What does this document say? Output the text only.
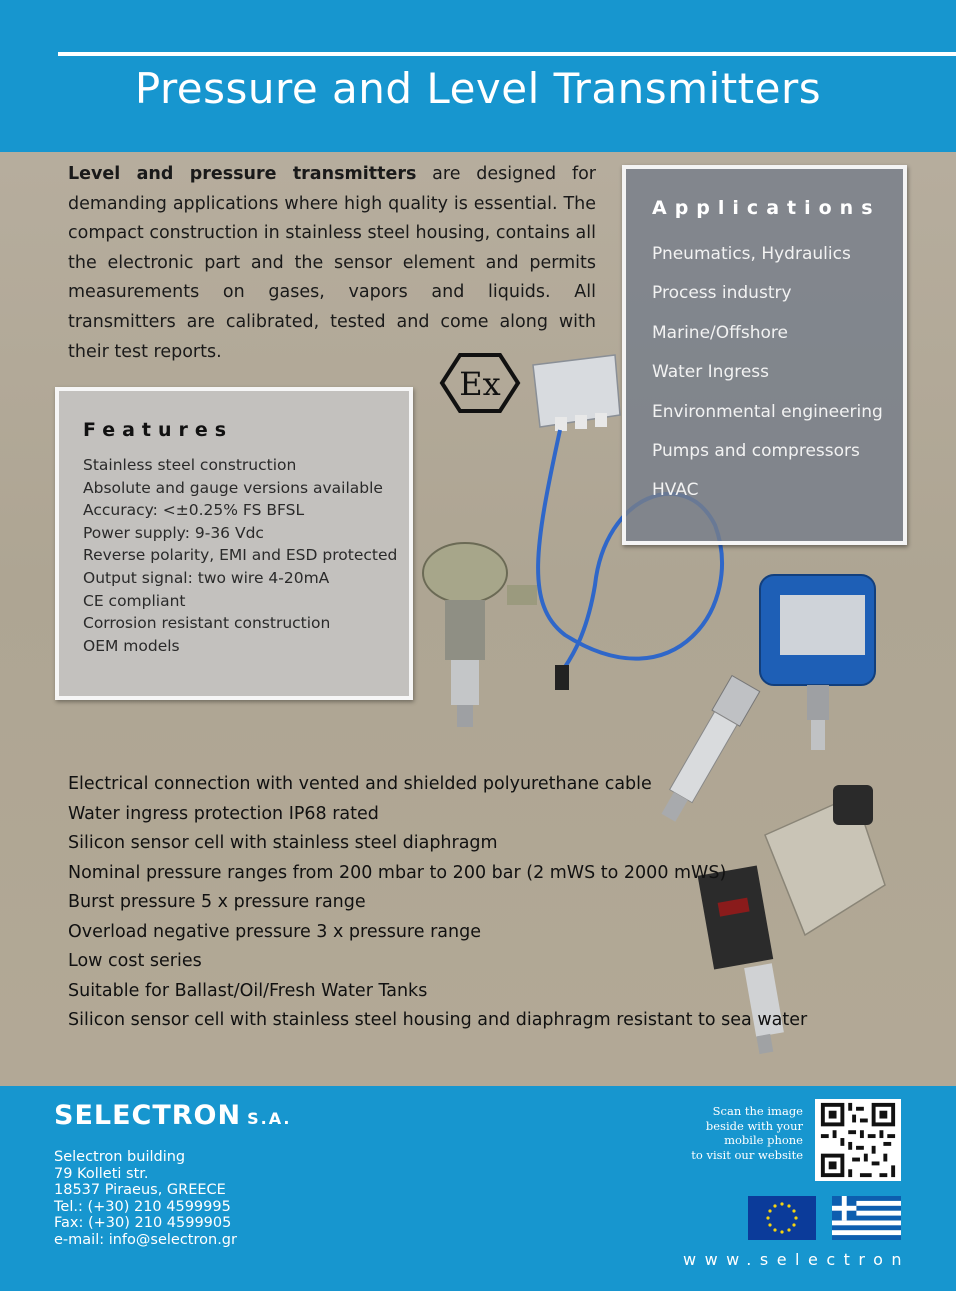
Pressure and Level Transmitters
Level and pressure transmitters are designed for demanding applications where high quality is essential. The compact construction in stainless steel housing, contains all the electronic part and the sensor element and permits measurements on gases, vapors and liquids. All transmitters are calibrated, tested and come along with their test reports.
Ex
Applications
Pneumatics, Hydraulics
Process industry
Marine/Offshore
Water Ingress
Environmental engineering
Pumps and compressors
HVAC
Features
Stainless steel construction
Absolute and gauge versions available
Accuracy: <±0.25% FS BFSL
Power supply: 9-36 Vdc
Reverse polarity, EMI and ESD protected
Output signal: two wire 4-20mA
CE compliant
Corrosion resistant construction
OEM models
Electrical connection with vented and shielded polyurethane cable
Water ingress protection IP68 rated
Silicon sensor cell with stainless steel diaphragm
Nominal pressure ranges from 200 mbar to 200 bar (2 mWS to 2000 mWS)
Burst pressure 5 x pressure range
Overload negative pressure 3 x pressure range
Low cost series
Suitable for Ballast/Oil/Fresh Water Tanks
Silicon sensor cell with stainless steel housing and diaphragm resistant to sea water
SELECTRON S.A.
Selectron building
79 Kolleti str.
18537 Piraeus, GREECE
Tel.: (+30) 210 4599995
Fax: (+30) 210 4599905
e-mail: info@selectron.gr
Scan the image
beside with your
mobile phone
to visit our website
www.selectron
